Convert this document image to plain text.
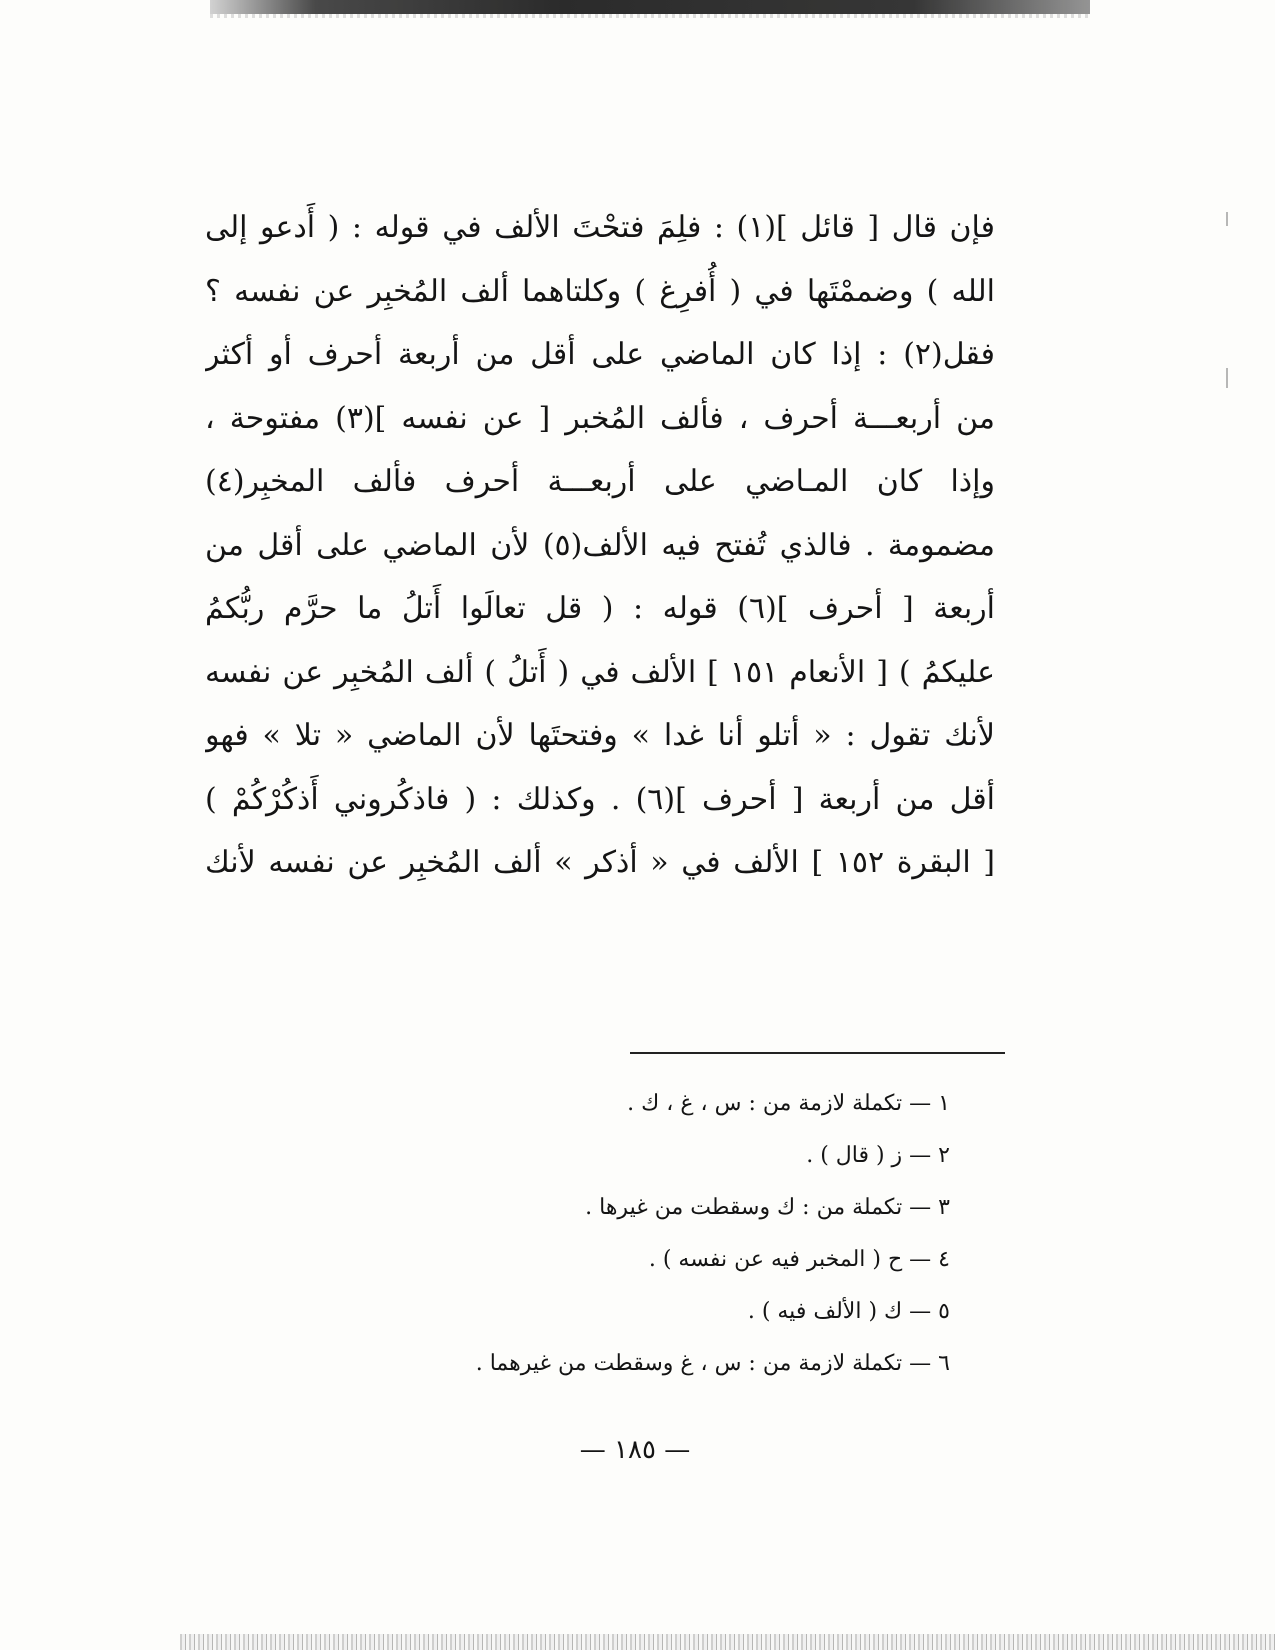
فإن قال [ قائل ](١) : فلِمَ فتحْتَ الألف في قوله : ( أَدعو إلى

الله ) وضممْتَها في ( أُفرِغ ) وكلتاهما ألف المُخبِر عن نفسه ؟

فقل(٢) : إذا كان الماضي على أقل من أربعة أحرف أو أكثر

من أربعـــة أحرف ، فألف المُخبر [ عن نفسه ](٣) مفتوحة ،

وإذا كان المـاضي على أربعـــة أحرف فألف المخبِر(٤)

مضمومة . فالذي تُفتح فيه الألف(٥) لأن الماضي على أقل من

أربعة [ أحرف ](٦) قوله : ( قل تعالَوا أَتلُ ما حرَّم ربُّكمُ

عليكمُ ) [ الأنعام ١٥١ ] الألف في ( أَتلُ ) ألف المُخبِر عن نفسه

لأنك تقول : « أتلو أنا غدا » وفتحتَها لأن الماضي « تلا » فهو

أقل من أربعة [ أحرف ](٦) . وكذلك : ( فاذكُروني أَذكُرْكُمْ )

[ البقرة ١٥٢ ] الألف في « أذكر » ألف المُخبِر عن نفسه لأنك

١ — تكملة لازمة من : س ، غ ، ك .
٢ — ز ( قال ) .
٣ — تكملة من : ك وسقطت من غيرها .
٤ — ح ( المخبر فيه عن نفسه ) .
٥ — ك ( الألف فيه ) .
٦ — تكملة لازمة من : س ، غ وسقطت من غيرهما .
— ١٨٥ —
